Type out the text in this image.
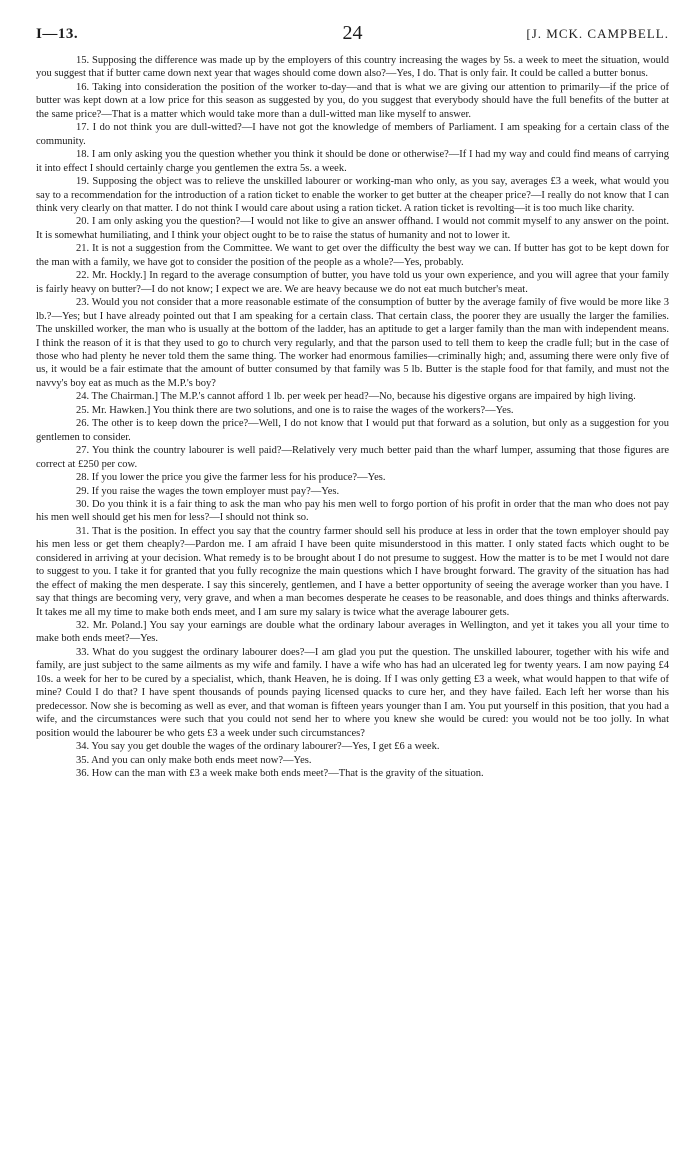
I—13.	24	[J. MCK. CAMPBELL.

15. Supposing the difference was made up by the employers of this country increasing the wages by 5s. a week to meet the situation, would you suggest that if butter came down next year that wages should come down also?—Yes, I do. That is only fair. It could be called a butter bonus.

16. Taking into consideration the position of the worker to-day—and that is what we are giving our attention to primarily—if the price of butter was kept down at a low price for this season as suggested by you, do you suggest that everybody should have the full benefits of the butter at the same price?—That is a matter which would take more than a dull-witted man like myself to answer.

17. I do not think you are dull-witted?—I have not got the knowledge of members of Parliament. I am speaking for a certain class of the community.

18. I am only asking you the question whether you think it should be done or otherwise?—If I had my way and could find means of carrying it into effect I should certainly charge you gentlemen the extra 5s. a week.

19. Supposing the object was to relieve the unskilled labourer or working-man who only, as you say, averages £3 a week, what would you say to a recommendation for the introduction of a ration ticket to enable the worker to get butter at the cheaper price?—I really do not know that I can think very clearly on that matter. I do not think I would care about using a ration ticket. A ration ticket is revolting—it is too much like charity.

20. I am only asking you the question?—I would not like to give an answer offhand. I would not commit myself to any answer on the point. It is somewhat humiliating, and I think your object ought to be to raise the status of humanity and not to lower it.

21. It is not a suggestion from the Committee. We want to get over the difficulty the best way we can. If butter has got to be kept down for the man with a family, we have got to consider the position of the people as a whole?—Yes, probably.

22. Mr. Hockly.] In regard to the average consumption of butter, you have told us your own experience, and you will agree that your family is fairly heavy on butter?—I do not know; I expect we are. We are heavy because we do not eat much butcher's meat.

23. Would you not consider that a more reasonable estimate of the consumption of butter by the average family of five would be more like 3 lb.?—Yes; but I have already pointed out that I am speaking for a certain class. That certain class, the poorer they are usually the larger the families. The unskilled worker, the man who is usually at the bottom of the ladder, has an aptitude to get a larger family than the man with independent means. I think the reason of it is that they used to go to church very regularly, and that the parson used to tell them to keep the cradle full; but in the case of those who had plenty he never told them the same thing. The worker had enormous families—criminally high; and, assuming there were only five of us, it would be a fair estimate that the amount of butter consumed by that family was 5 lb. Butter is the staple food for that family, and must not the navvy's boy eat as much as the M.P.'s boy?

24. The Chairman.] The M.P.'s cannot afford 1 lb. per week per head?—No, because his digestive organs are impaired by high living.

25. Mr. Hawken.] You think there are two solutions, and one is to raise the wages of the workers?—Yes.

26. The other is to keep down the price?—Well, I do not know that I would put that forward as a solution, but only as a suggestion for you gentlemen to consider.

27. You think the country labourer is well paid?—Relatively very much better paid than the wharf lumper, assuming that those figures are correct at £250 per cow.

28. If you lower the price you give the farmer less for his produce?—Yes.

29. If you raise the wages the town employer must pay?—Yes.

30. Do you think it is a fair thing to ask the man who pay his men well to forgo portion of his profit in order that the man who does not pay his men well should get his men for less?—I should not think so.

31. That is the position. In effect you say that the country farmer should sell his produce at less in order that the town employer should pay his men less or get them cheaply?—Pardon me. I am afraid I have been quite misunderstood in this matter. I only stated facts which ought to be considered in arriving at your decision. What remedy is to be brought about I do not presume to suggest. How the matter is to be met I would not dare to suggest to you. I take it for granted that you fully recognize the main questions which I have brought forward. The gravity of the situation has had the effect of making the men desperate. I say this sincerely, gentlemen, and I have a better opportunity of seeing the average worker than you have. I say that things are becoming very, very grave, and when a man becomes desperate he ceases to be reasonable, and does things and thinks afterwards. It takes me all my time to make both ends meet, and I am sure my salary is twice what the average labourer gets.

32. Mr. Poland.] You say your earnings are double what the ordinary labour averages in Wellington, and yet it takes you all your time to make both ends meet?—Yes.

33. What do you suggest the ordinary labourer does?—I am glad you put the question. The unskilled labourer, together with his wife and family, are just subject to the same ailments as my wife and family. I have a wife who has had an ulcerated leg for twenty years. I am now paying £4 10s. a week for her to be cured by a specialist, which, thank Heaven, he is doing. If I was only getting £3 a week, what would happen to that wife of mine? Could I do that? I have spent thousands of pounds paying licensed quacks to cure her, and they have failed. Each left her worse than his predecessor. Now she is becoming as well as ever, and that woman is fifteen years younger than I am. You put yourself in this position, that you had a wife, and the circumstances were such that you could not send her to where you knew she would be cured: you would not be too jolly. In what position would the labourer be who gets £3 a week under such circumstances?

34. You say you get double the wages of the ordinary labourer?—Yes, I get £6 a week.

35. And you can only make both ends meet now?—Yes.

36. How can the man with £3 a week make both ends meet?—That is the gravity of the situation.
